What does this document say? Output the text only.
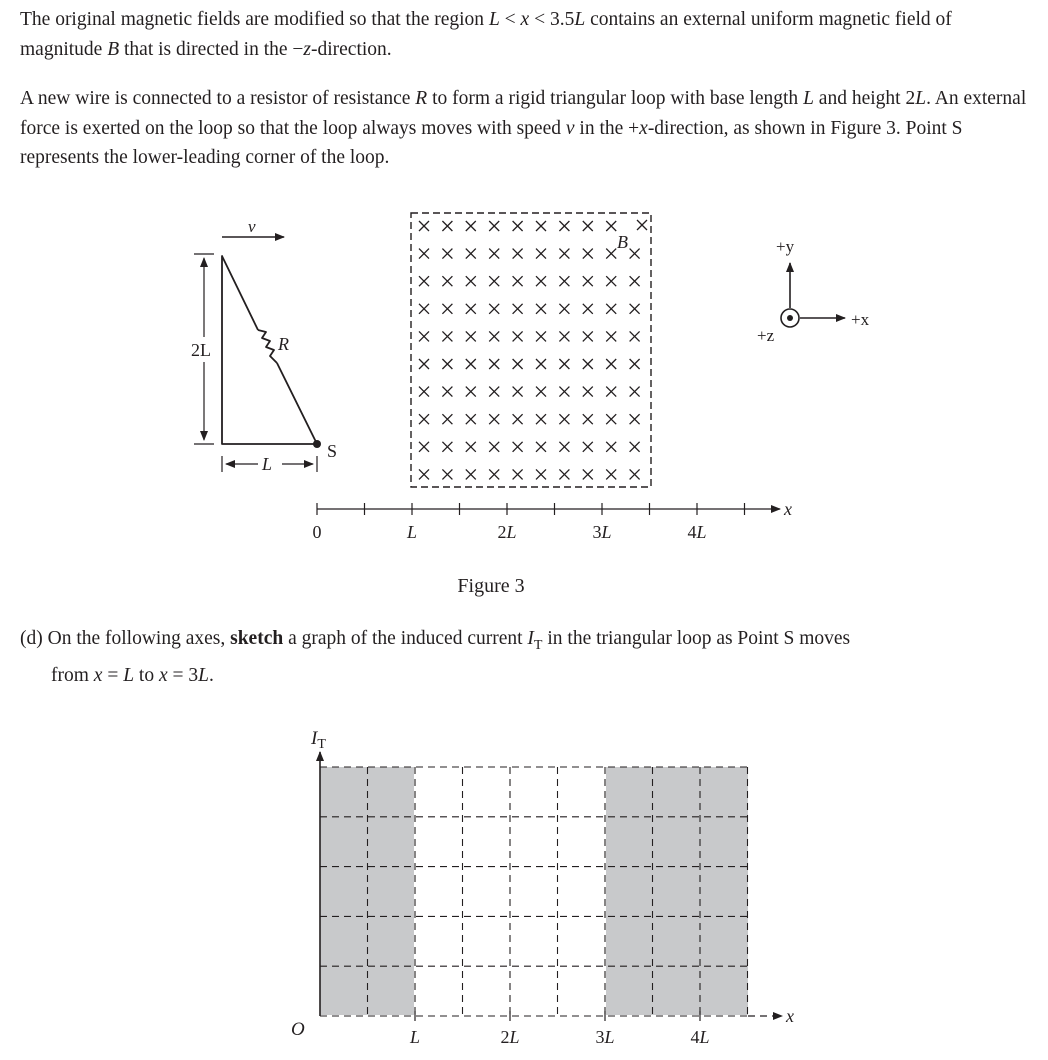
The original magnetic fields are modified so that the region L < x < 3.5L contains an external uniform magnetic field of magnitude B that is directed in the −z-direction.

A new wire is connected to a resistor of resistance R to form a rigid triangular loop with base length L and height 2L. An external force is exerted on the loop so that the loop always moves with speed v in the +x-direction, as shown in Figure 3. Point S represents the lower-leading corner of the loop.

v
S
R
2L
L
B
0	L	2L	3L	4L
x
+y
+x
+z
Figure 3
(d) On the following axes, sketch a graph of the induced current $I_T$ in the triangular loop as Point S moves
from x = L to x = 3L.
L	2L	3L	4L
$I_T$
O
x
